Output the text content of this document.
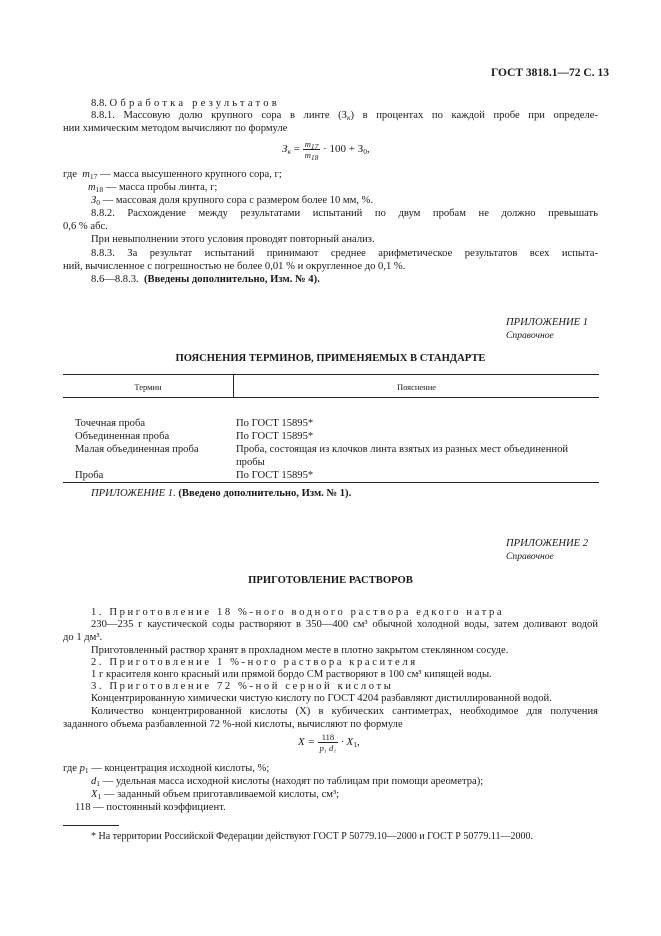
ГОСТ 3818.1—72 С. 13
8.8. Обработка результатов
8.8.1. Массовую долю крупного сора в линте $(З_к)$ в процентах по каждой пробе при определе-
нии химическим методом вычисляют по формуле
$З_к = \frac{m_{17}}{m_{18}} \cdot 100 + З_0$,
где $m_{17}$ — масса высушенного крупного сора, г;
$m_{18}$ — масса пробы линта, г;
$З_0$ — массовая доля крупного сора с размером более 10 мм, %.
8.8.2. Расхождение между результатами испытаний по двум пробам не должно превышать
0,6 % абс.
При невыполнении этого условия проводят повторный анализ.
8.8.3. За результат испытаний принимают среднее арифметическое результатов всех испыта-
ний, вычисленное с погрешностью не более 0,01 % и округленное до 0,1 %.
8.6—8.8.3. (Введены дополнительно, Изм. № 4).
ПРИЛОЖЕНИЕ 1
Справочное
ПОЯСНЕНИЯ ТЕРМИНОВ, ПРИМЕНЯЕМЫХ В СТАНДАРТЕ
Термин	Пояснение
Точечная проба	По ГОСТ 15895*
Объединенная проба	По ГОСТ 15895*
Малая объединенная проба	Проба, состоящая из клочков линта взятых из разных мест объединенной
пробы
Проба	По ГОСТ 15895*
ПРИЛОЖЕНИЕ 1. (Введено дополнительно, Изм. № 1).
ПРИЛОЖЕНИЕ 2
Справочное
ПРИГОТОВЛЕНИЕ РАСТВОРОВ
1. Приготовление 18 %-ного водного раствора едкого натра
230—235 г каустической соды растворяют в 350—400 см³ обычной холодной воды, затем доливают водой
до 1 дм³.
Приготовленный раствор хранят в прохладном месте в плотно закрытом стеклянном сосуде.
2. Приготовление 1 %-ного раствора красителя
1 г красителя конго красный или прямой бордо СМ растворяют в 100 см³ кипящей воды.
3. Приготовление 72 %-ной серной кислоты
Концентрированную химически чистую кислоту по ГОСТ 4204 разбавляют дистиллированной водой.
Количество концентрированной кислоты (X) в кубических сантиметрах, необходимое для получения
заданного объема разбавленной 72 %-ной кислоты, вычисляют по формуле
$X = \frac{118}{\text{p₁ d₁}} \cdot X_1$,
где $p_1$ — концентрация исходной кислоты, %;
$d_1$ — удельная масса исходной кислоты (находят по таблицам при помощи ареометра);
$X_1$ — заданный объем приготавливаемой кислоты, см³;
118 — постоянный коэффициент.
* На территории Российской Федерации действуют ГОСТ Р 50779.10—2000 и ГОСТ Р 50779.11—2000.
